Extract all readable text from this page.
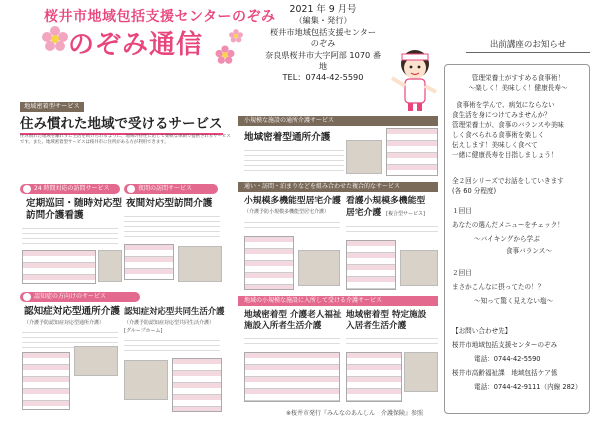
桜井市地域包括支援センターのぞみ
のぞみ通信
2021 年 9 月号
（編集・発行）
桜井市地域包括支援センター
のぞみ
奈良県桜井市大字阿部 1070 番地
TEL：0744-42-5590
出前講座のお知らせ
管理栄養士がすすめる食事術！
～楽しく！美味しく！健康長寿～
食事術を学んで、病気にならない
食生活を身につけてみませんか？
管理栄養士が、食事のバランスや美味
しく食べられる食事術を楽しく
伝えします！美味しく食べて
一緒に健康長寿を目指しましょう！
全２回シリーズでお話をしていきます
(各 60 分程度)
１回目
あなたの選んだメニューをチェック！
～バイキングから学ぶ
食事バランス～
２回目
まさかこんなに摂ってたの！？
～知って驚く見えない塩～
【お問い合わせ先】
桜井市地域包括支援センターのぞみ
電話：0744-42-5590
桜井市高齢福祉課　地域包括ケア係
電話：0744-42-9111（内線 282）
地域密着型サービス
住み慣れた地域で受けるサービス
住み慣れた地域を離れずに生活を続けられるように、地域の特性に応じて柔軟な体制で提供されるサービスです。また、地域密着型サービスは桜井市に住所がある方が利用できます。
24 時間対応の訪問サービス	夜間の訪問サービス
定期巡回・随時対応型
訪問介護看護
夜間対応型訪問介護
認知症の方向けのサービス
認知症対応型通所介護
（介護予防認知症対応型通所介護）
認知症対応型共同生活介護
（介護予防認知症対応型共同生活介護）
[グループホーム]
小規模な施設の通所介護サービス
地域密着型通所介護
通い・訪問・泊まりなどを組み合わせた複合的なサービス
小規模多機能型居宅介護
（介護予防小規模多機能型居宅介護）
看護小規模多機能型
居宅介護 [複合型サービス]
地域の小規模な施設に入所して受ける介護サービス
地域密着型 介護老人福祉
施設入所者生活介護
地域密着型 特定施設
入居者生活介護
※桜井市発行『みんなのあんしん　介護保険』参照
